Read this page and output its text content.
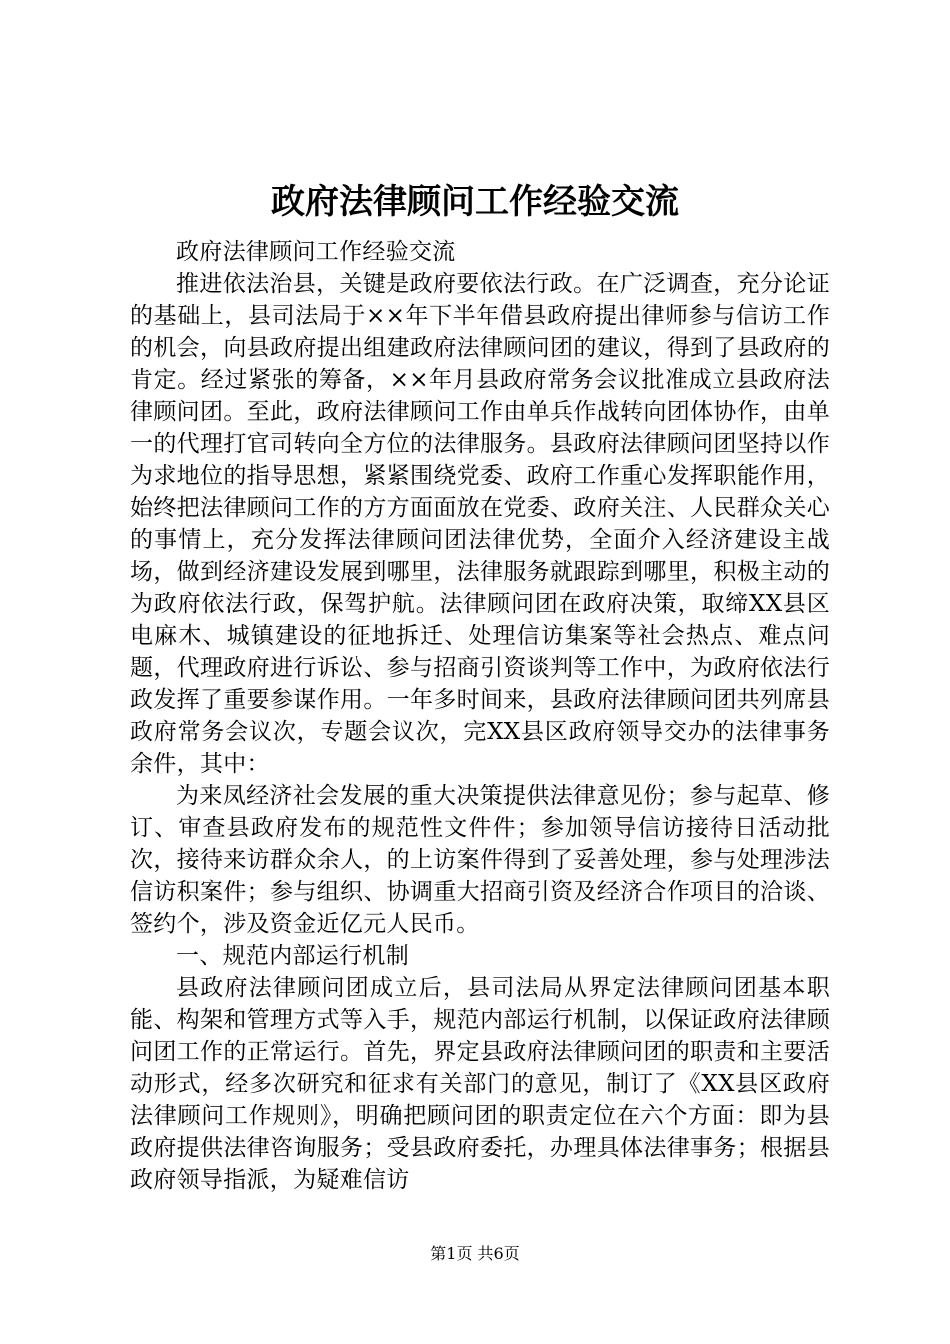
政府法律顾问工作经验交流

政府法律顾问工作经验交流

推进依法治县，关键是政府要依法行政。在广泛调查，充分论证的基础上，县司法局于××年下半年借县政府提出律师参与信访工作的机会，向县政府提出组建政府法律顾问团的建议，得到了县政府的肯定。经过紧张的筹备，××年月县政府常务会议批准成立县政府法律顾问团。至此，政府法律顾问工作由单兵作战转向团体协作，由单一的代理打官司转向全方位的法律服务。县政府法律顾问团坚持以作为求地位的指导思想，紧紧围绕党委、政府工作重心发挥职能作用，始终把法律顾问工作的方方面面放在党委、政府关注、人民群众关心的事情上，充分发挥法律顾问团法律优势，全面介入经济建设主战场，做到经济建设发展到哪里，法律服务就跟踪到哪里，积极主动的为政府依法行政，保驾护航。法律顾问团在政府决策，取缔XX县区电麻木、城镇建设的征地拆迁、处理信访集案等社会热点、难点问题，代理政府进行诉讼、参与招商引资谈判等工作中，为政府依法行政发挥了重要参谋作用。一年多时间来，县政府法律顾问团共列席县政府常务会议次，专题会议次，完XX县区政府领导交办的法律事务余件，其中：

为来凤经济社会发展的重大决策提供法律意见份；参与起草、修订、审查县政府发布的规范性文件件；参加领导信访接待日活动批次，接待来访群众余人，的上访案件得到了妥善处理，参与处理涉法信访积案件；参与组织、协调重大招商引资及经济合作项目的洽谈、签约个，涉及资金近亿元人民币。

一、规范内部运行机制

县政府法律顾问团成立后，县司法局从界定法律顾问团基本职能、构架和管理方式等入手，规范内部运行机制，以保证政府法律顾问团工作的正常运行。首先，界定县政府法律顾问团的职责和主要活动形式，经多次研究和征求有关部门的意见，制订了《XX县区政府法律顾问工作规则》，明确把顾问团的职责定位在六个方面：即为县政府提供法律咨询服务；受县政府委托，办理具体法律事务；根据县政府领导指派，为疑难信访

第1页 共6页
